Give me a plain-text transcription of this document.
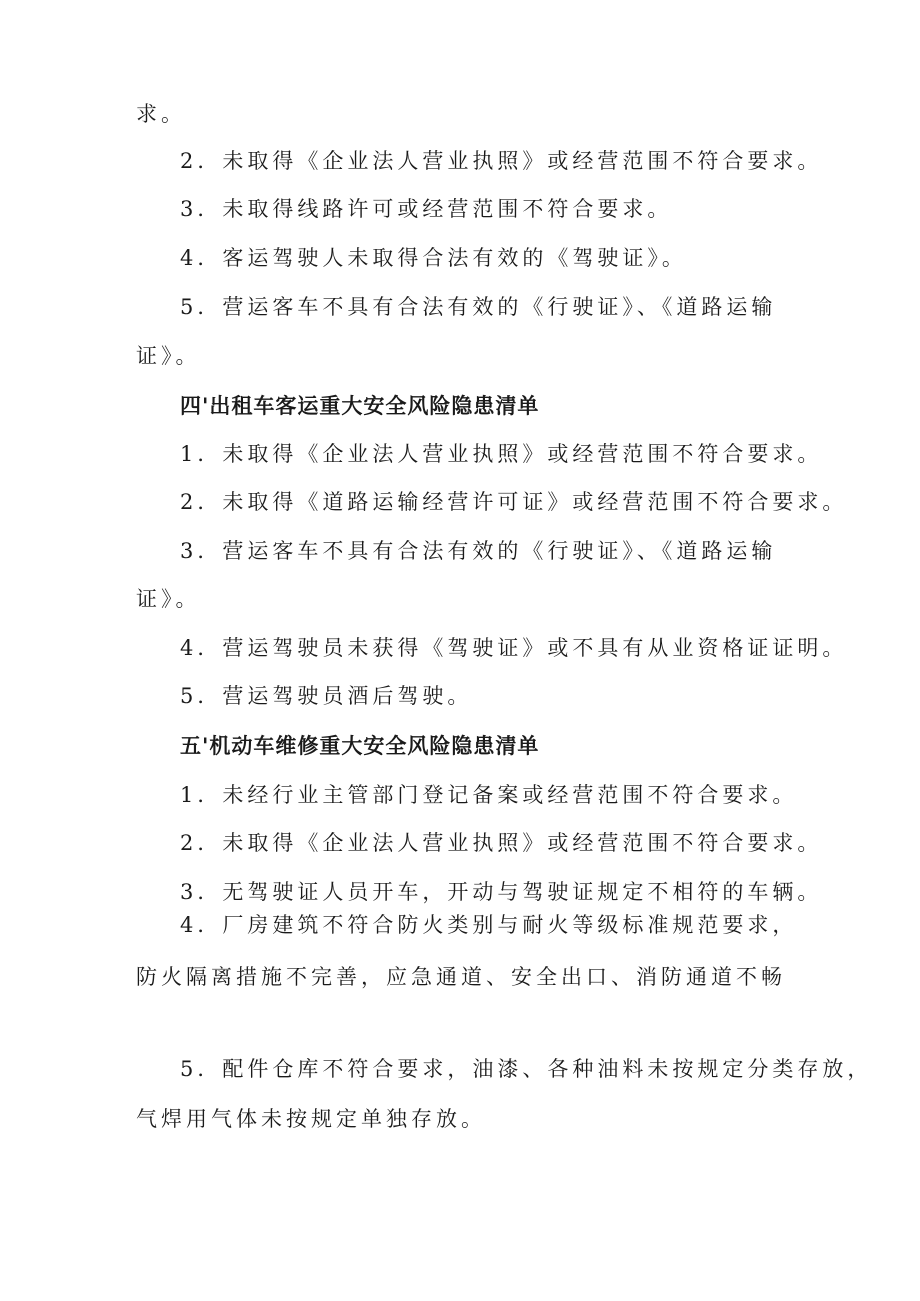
求。
2．未取得《企业法人营业执照》或经营范围不符合要求。
3．未取得线路许可或经营范围不符合要求。
4．客运驾驶人未取得合法有效的《驾驶证》。
5．营运客车不具有合法有效的《行驶证》、《道路运输
证》。
四'出租车客运重大安全风险隐患清单
1．未取得《企业法人营业执照》或经营范围不符合要求。
2．未取得《道路运输经营许可证》或经营范围不符合要求。
3．营运客车不具有合法有效的《行驶证》、《道路运输
证》。
4．营运驾驶员未获得《驾驶证》或不具有从业资格证证明。
5．营运驾驶员酒后驾驶。
五'机动车维修重大安全风险隐患清单
1．未经行业主管部门登记备案或经营范围不符合要求。
2．未取得《企业法人营业执照》或经营范围不符合要求。
3．无驾驶证人员开车，开动与驾驶证规定不相符的车辆。
4．厂房建筑不符合防火类别与耐火等级标准规范要求，
防火隔离措施不完善，应急通道、安全出口、消防通道不畅
5．配件仓库不符合要求，油漆、各种油料未按规定分类存放，
气焊用气体未按规定单独存放。
